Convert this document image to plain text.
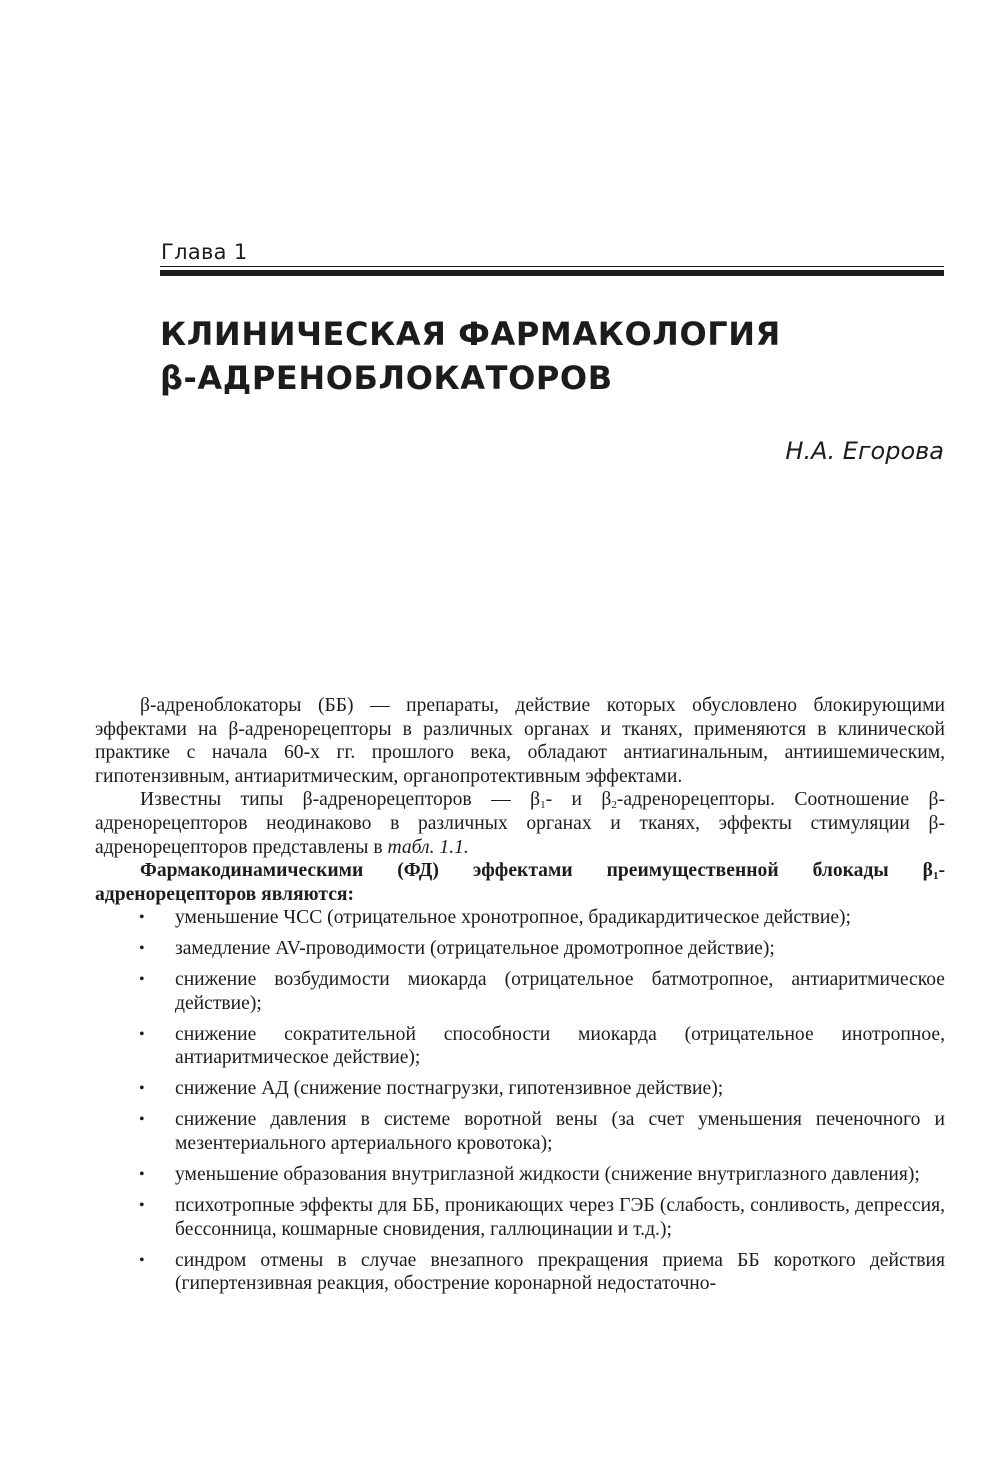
Глава 1
КЛИНИЧЕСКАЯ ФАРМАКОЛОГИЯ
β-АДРЕНОБЛОКАТОРОВ
Н.А. Егорова

β-адреноблокаторы (ББ) — препараты, действие которых обусловлено блокирующими эффектами на β-адренорецепторы в различных органах и тканях, применяются в клинической практике с начала 60-х гг. прошлого века, обладают антиагинальным, антиишемическим, гипотензивным, антиаритмическим, органопротективным эффектами.

Известны типы β-адренорецепторов — $\beta_1-$ и $\beta_2$-адренорецепторы. Соотношение β-адренорецепторов неодинаково в различных органах и тканях, эффекты стимуляции β-адренорецепторов представлены в табл. 1.1.

Фармакодинамическими (ФД) эффектами преимущественной блокады $\beta_1$-адренорецепторов являются:

• уменьшение ЧСС (отрицательное хронотропное, брадикардитическое действие);
• замедление AV-проводимости (отрицательное дромотропное действие);
• снижение возбудимости миокарда (отрицательное батмотропное, антиаритмическое действие);
• снижение сократительной способности миокарда (отрицательное инотропное, антиаритмическое действие);
• снижение АД (снижение постнагрузки, гипотензивное действие);
• снижение давления в системе воротной вены (за счет уменьшения печеночного и мезентериального артериального кровотока);
• уменьшение образования внутриглазной жидкости (снижение внутриглазного давления);
• психотропные эффекты для ББ, проникающих через ГЭБ (слабость, сонливость, депрессия, бессонница, кошмарные сновидения, галлюцинации и т.д.);
• синдром отмены в случае внезапного прекращения приема ББ короткого действия (гипертензивная реакция, обострение коронарной недостаточно-
